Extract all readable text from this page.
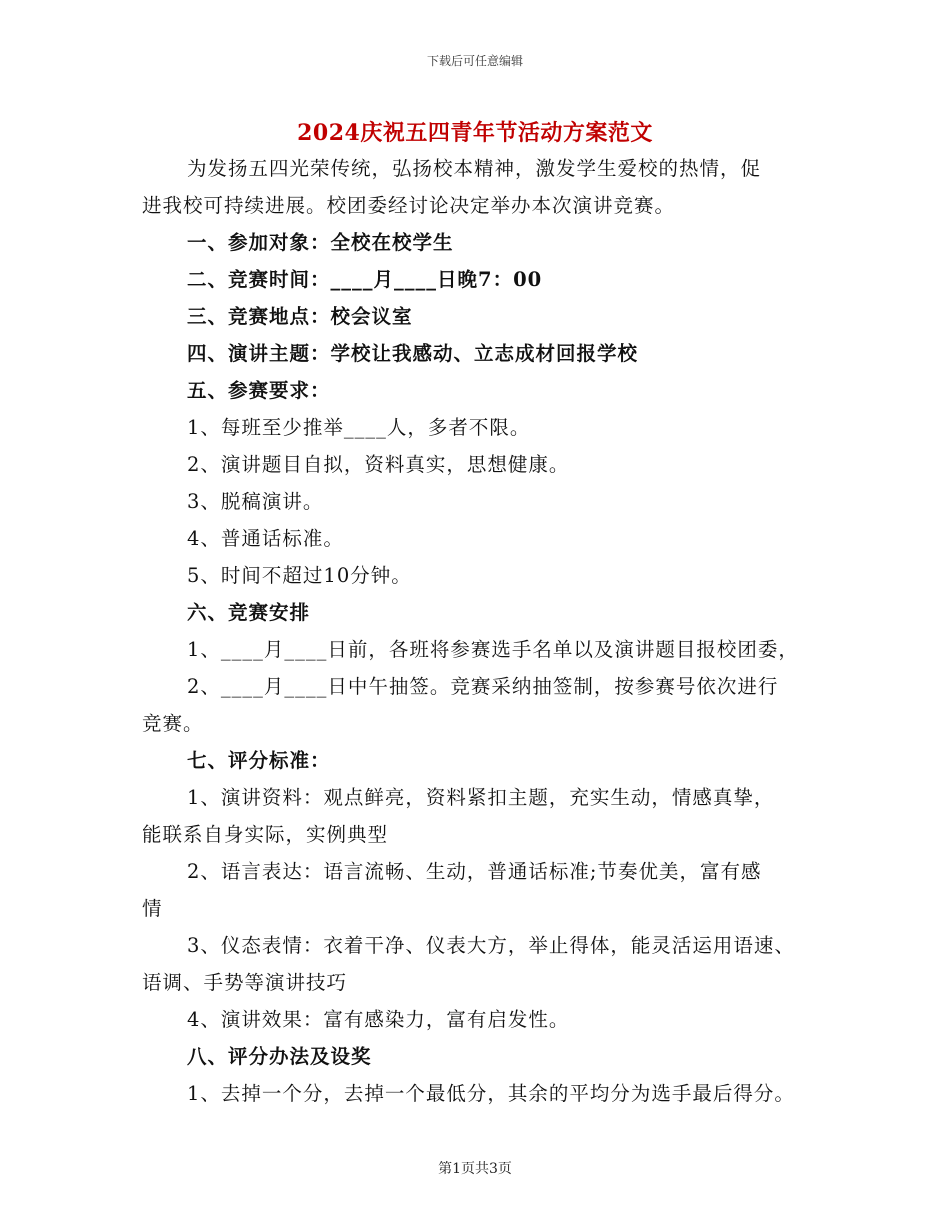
下载后可任意编辑
2024庆祝五四青年节活动方案范文
为发扬五四光荣传统，弘扬校本精神，激发学生爱校的热情，促
进我校可持续进展。校团委经讨论决定举办本次演讲竞赛。
一、参加对象：全校在校学生
二、竞赛时间：____月____日晚7：00
三、竞赛地点：校会议室
四、演讲主题：学校让我感动、立志成材回报学校
五、参赛要求：
1、每班至少推举____人，多者不限。
2、演讲题目自拟，资料真实，思想健康。
3、脱稿演讲。
4、普通话标准。
5、时间不超过10分钟。
六、竞赛安排
1、____月____日前，各班将参赛选手名单以及演讲题目报校团委，
2、____月____日中午抽签。竞赛采纳抽签制，按参赛号依次进行
竞赛。
七、评分标准：
1、演讲资料：观点鲜亮，资料紧扣主题，充实生动，情感真挚，
能联系自身实际，实例典型
2、语言表达：语言流畅、生动，普通话标准;节奏优美，富有感
情
3、仪态表情：衣着干净、仪表大方，举止得体，能灵活运用语速、
语调、手势等演讲技巧
4、演讲效果：富有感染力，富有启发性。
八、评分办法及设奖
1、去掉一个分，去掉一个最低分，其余的平均分为选手最后得分。
第1页共3页
